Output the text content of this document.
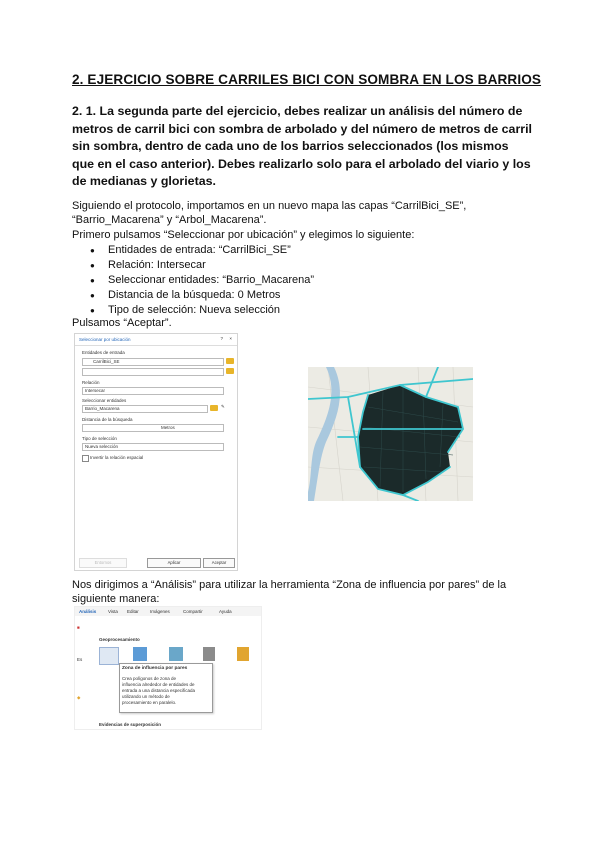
2. EJERCICIO SOBRE CARRILES BICI CON SOMBRA EN LOS BARRIOS
2. 1. La segunda parte del ejercicio, debes realizar un análisis del número de metros de carril bici con sombra de arbolado y del número de metros de carril sin sombra, dentro de cada uno de los barrios seleccionados (los mismos que en el caso anterior). Debes realizarlo solo para el arbolado del viario y los de medianas y glorietas.
Siguiendo el protocolo, importamos en un nuevo mapa las capas “CarrilBici_SE”,
“Barrio_Macarena” y “Arbol_Macarena”.
Primero pulsamos “Seleccionar por ubicación” y elegimos lo siguiente:
● Entidades de entrada: “CarrilBici_SE”
● Relación: Intersecar
● Seleccionar entidades: “Barrio_Macarena”
● Distancia de la búsqueda: 0 Metros
● Tipo de selección: Nueva selección
Pulsamos “Aceptar”.
Seleccionar por ubicación	? ×
Entidades de entrada
CarrilBici_SE
Relación
Intersecar
Seleccionar entidades
Barrio_Macarena	✎
Distancia de la búsqueda
Metros
Tipo de selección
Nueva selección
Invertir la relación espacial
Entornos	Aplicar	Aceptar
Nos dirigimos a “Análisis” para utilizar la herramienta “Zona de influencia por pares” de la
siguiente manera:
Análisis	Vista Editar Imágenes	Compartir	Ayuda
■
Es
Geoprocesamiento
Zona de influencia por pares
Crea polígonos de zona de
influencia alrededor de entidades de
entrada a una distancia especificada
utilizando un método de
procesamiento en paralelo.
◆
Evidencias de superposición
